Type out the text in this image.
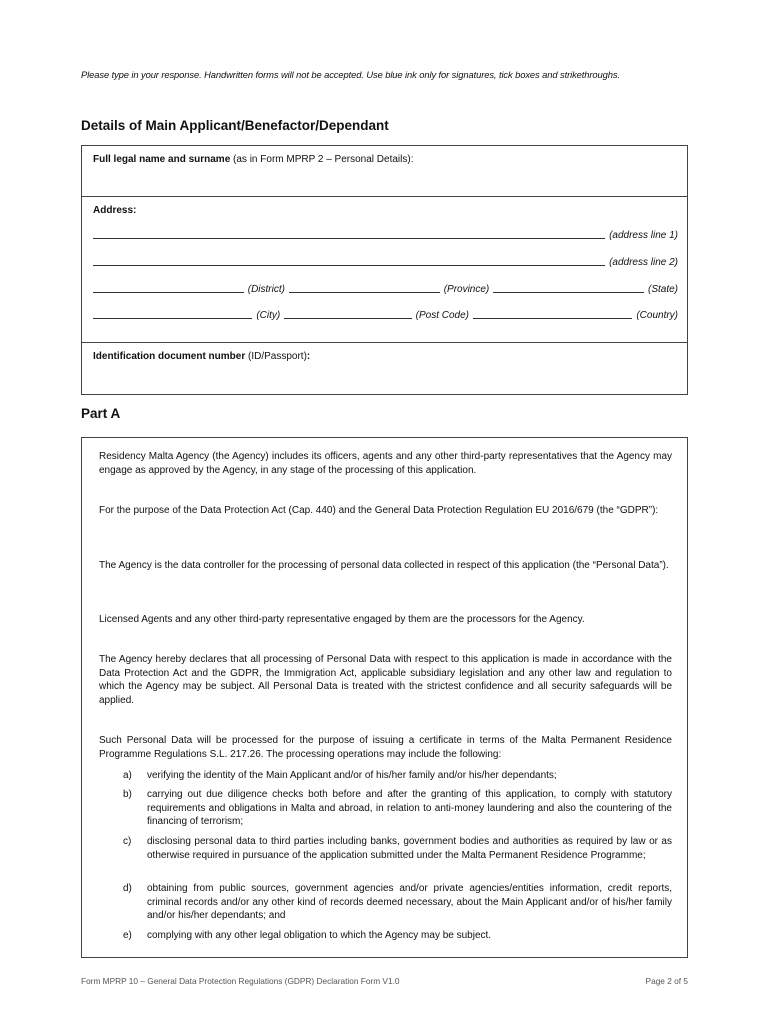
Please type in your response. Handwritten forms will not be accepted. Use blue ink only for signatures, tick boxes and strikethroughs.
Details of Main Applicant/Benefactor/Dependant
Full legal name and surname (as in Form MPRP 2 – Personal Details):
Address:
(address line 1)
(address line 2)
(District)	(Province)	(State)
(City)	(Post Code)	(Country)
Identification document number (ID/Passport):
Part A
Residency Malta Agency (the Agency) includes its officers, agents and any other third-party representatives that the Agency may engage as approved by the Agency, in any stage of the processing of this application.
For the purpose of the Data Protection Act (Cap. 440) and the General Data Protection Regulation EU 2016/679 (the “GDPR”):
The Agency is the data controller for the processing of personal data collected in respect of this application (the “Personal Data”).
Licensed Agents and any other third-party representative engaged by them are the processors for the Agency.
The Agency hereby declares that all processing of Personal Data with respect to this application is made in accordance with the Data Protection Act and the GDPR, the Immigration Act, applicable subsidiary legislation and any other law and regulation to which the Agency may be subject. All Personal Data is treated with the strictest confidence and all security safeguards will be applied.
Such Personal Data will be processed for the purpose of issuing a certificate in terms of the Malta Permanent Residence Programme Regulations S.L. 217.26. The processing operations may include the following:
a) verifying the identity of the Main Applicant and/or of his/her family and/or his/her dependants;
b) carrying out due diligence checks both before and after the granting of this application, to comply with statutory requirements and obligations in Malta and abroad, in relation to anti-money laundering and also the countering of the financing of terrorism;
c) disclosing personal data to third parties including banks, government bodies and authorities as required by law or as otherwise required in pursuance of the application submitted under the Malta Permanent Residence Programme;
d) obtaining from public sources, government agencies and/or private agencies/entities information, credit reports, criminal records and/or any other kind of records deemed necessary, about the Main Applicant and/or of his/her family and/or his/her dependants; and
e) complying with any other legal obligation to which the Agency may be subject.
Form MPRP 10 – General Data Protection Regulations (GDPR) Declaration Form V1.0	Page 2 of 5
